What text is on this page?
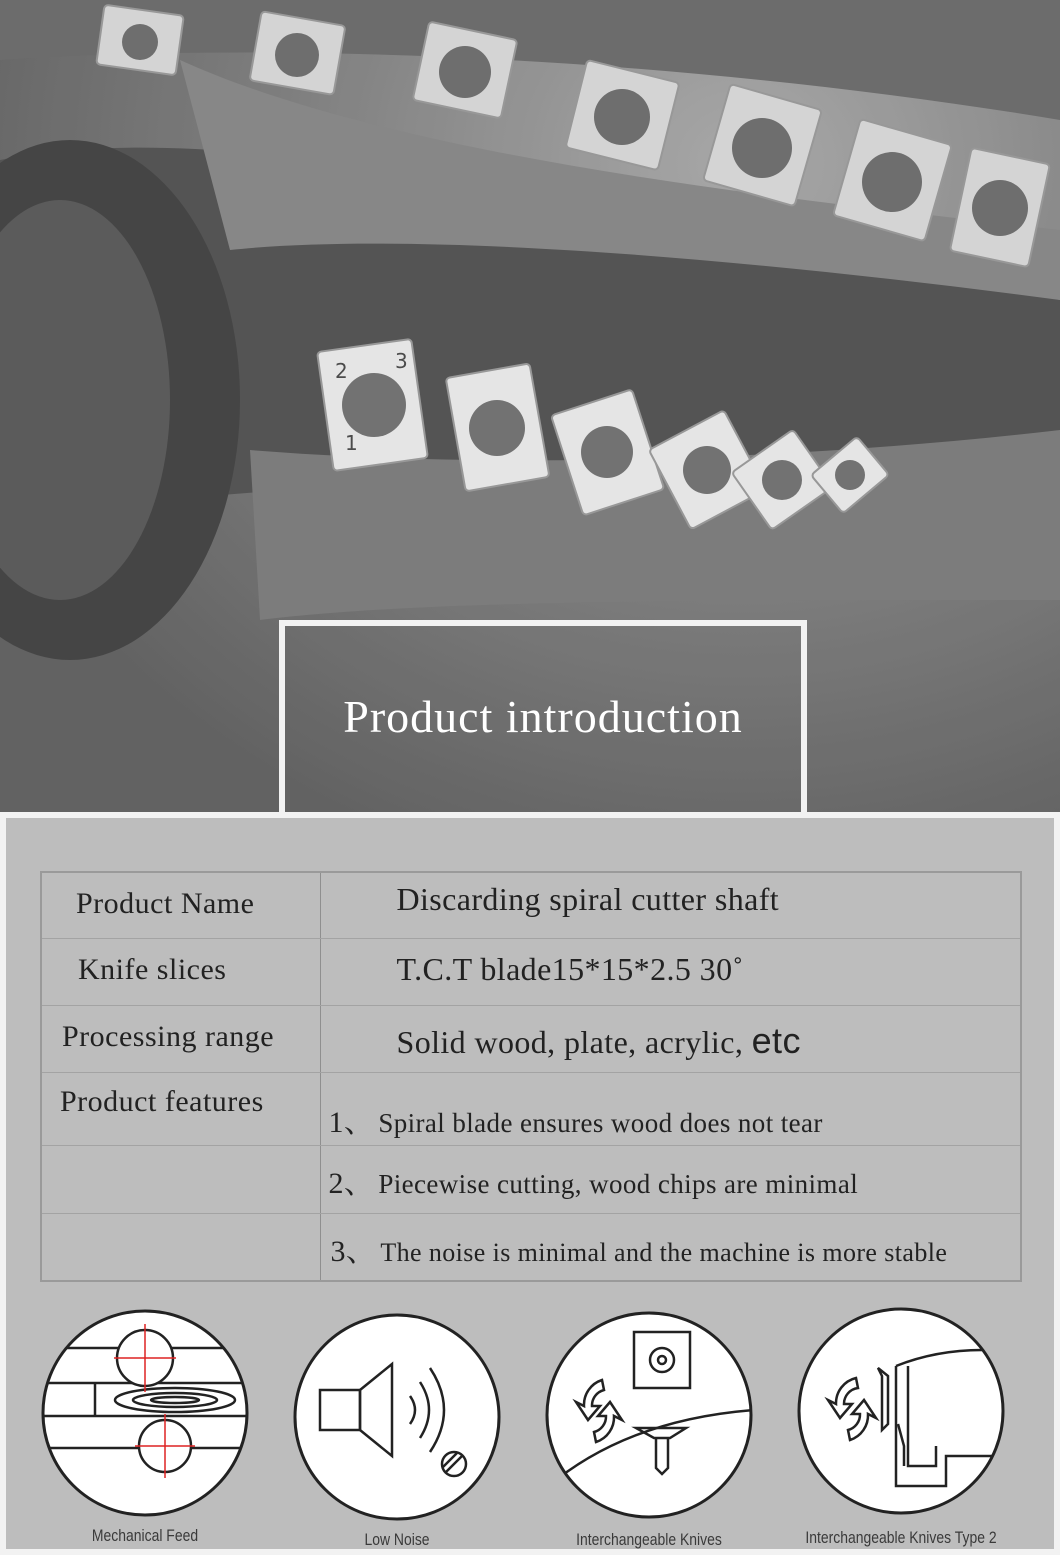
2 3
1
Product introduction
Product Name	Discarding spiral cutter shaft

Knife slices	T.C.T blade15*15*2.5 30˚

Processing range	Solid wood, plate, acrylic, etc

Product features	1、 Spiral blade ensures wood does not tear

	2、 Piecewise cutting, wood chips are minimal

	3、 The noise is minimal and the machine is more stable
Mechanical Feed	Low Noise	Interchangeable Knives	Interchangeable Knives Type 2
